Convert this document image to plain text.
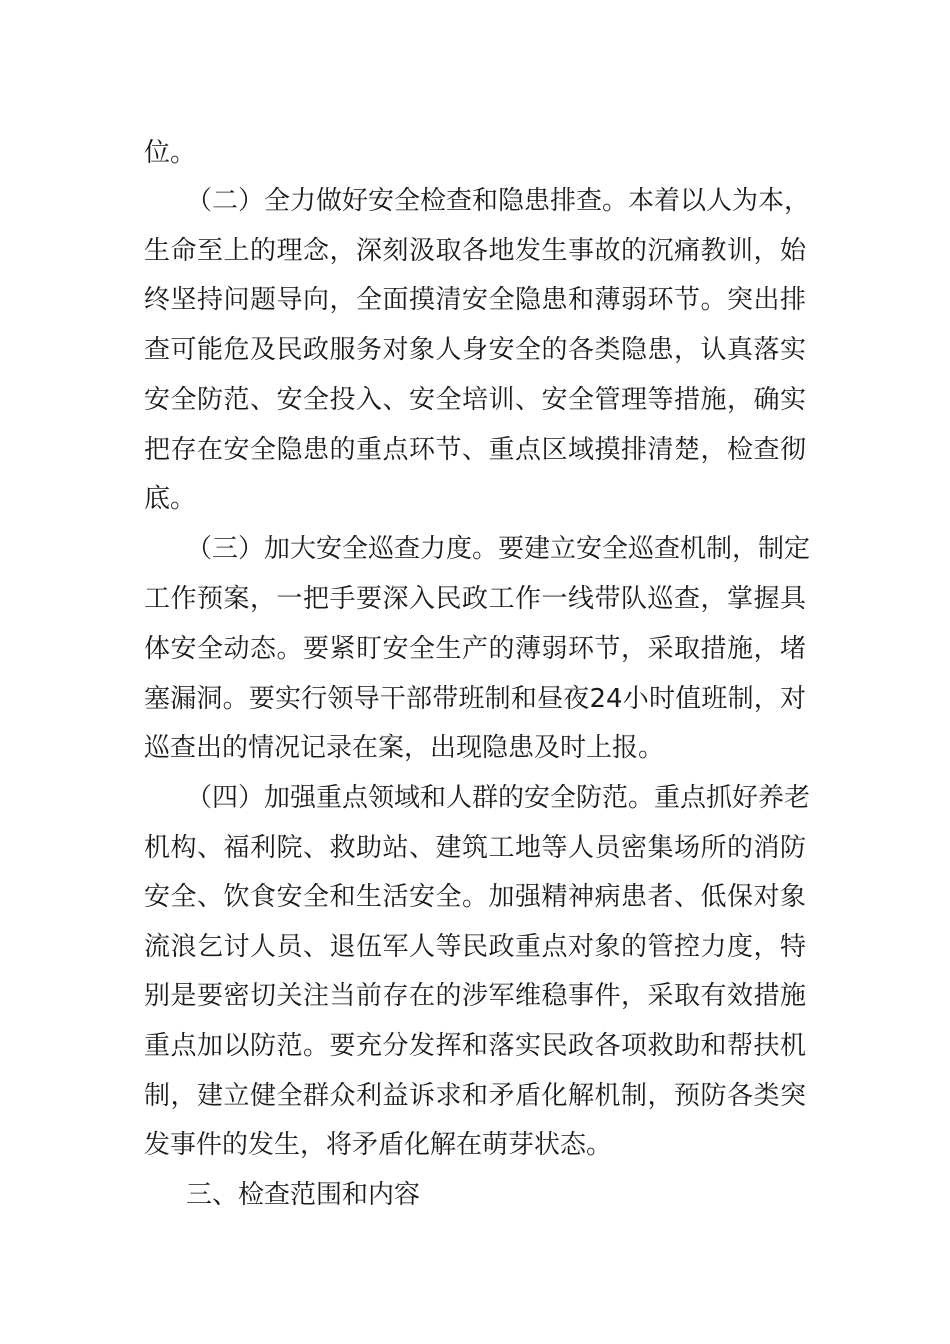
位。
（二）全力做好安全检查和隐患排查。本着以人为本，
生命至上的理念，深刻汲取各地发生事故的沉痛教训，始
终坚持问题导向，全面摸清安全隐患和薄弱环节。突出排
查可能危及民政服务对象人身安全的各类隐患，认真落实
安全防范、安全投入、安全培训、安全管理等措施，确实
把存在安全隐患的重点环节、重点区域摸排清楚，检查彻
底。
（三）加大安全巡查力度。要建立安全巡查机制，制定
工作预案，一把手要深入民政工作一线带队巡查，掌握具
体安全动态。要紧盯安全生产的薄弱环节，采取措施，堵
塞漏洞。要实行领导干部带班制和昼夜24小时值班制，对
巡查出的情况记录在案，出现隐患及时上报。
（四）加强重点领域和人群的安全防范。重点抓好养老
机构、福利院、救助站、建筑工地等人员密集场所的消防
安全、饮食安全和生活安全。加强精神病患者、低保对象
流浪乞讨人员、退伍军人等民政重点对象的管控力度，特
别是要密切关注当前存在的涉军维稳事件，采取有效措施
重点加以防范。要充分发挥和落实民政各项救助和帮扶机
制，建立健全群众利益诉求和矛盾化解机制，预防各类突
发事件的发生，将矛盾化解在萌芽状态。
三、检查范围和内容
